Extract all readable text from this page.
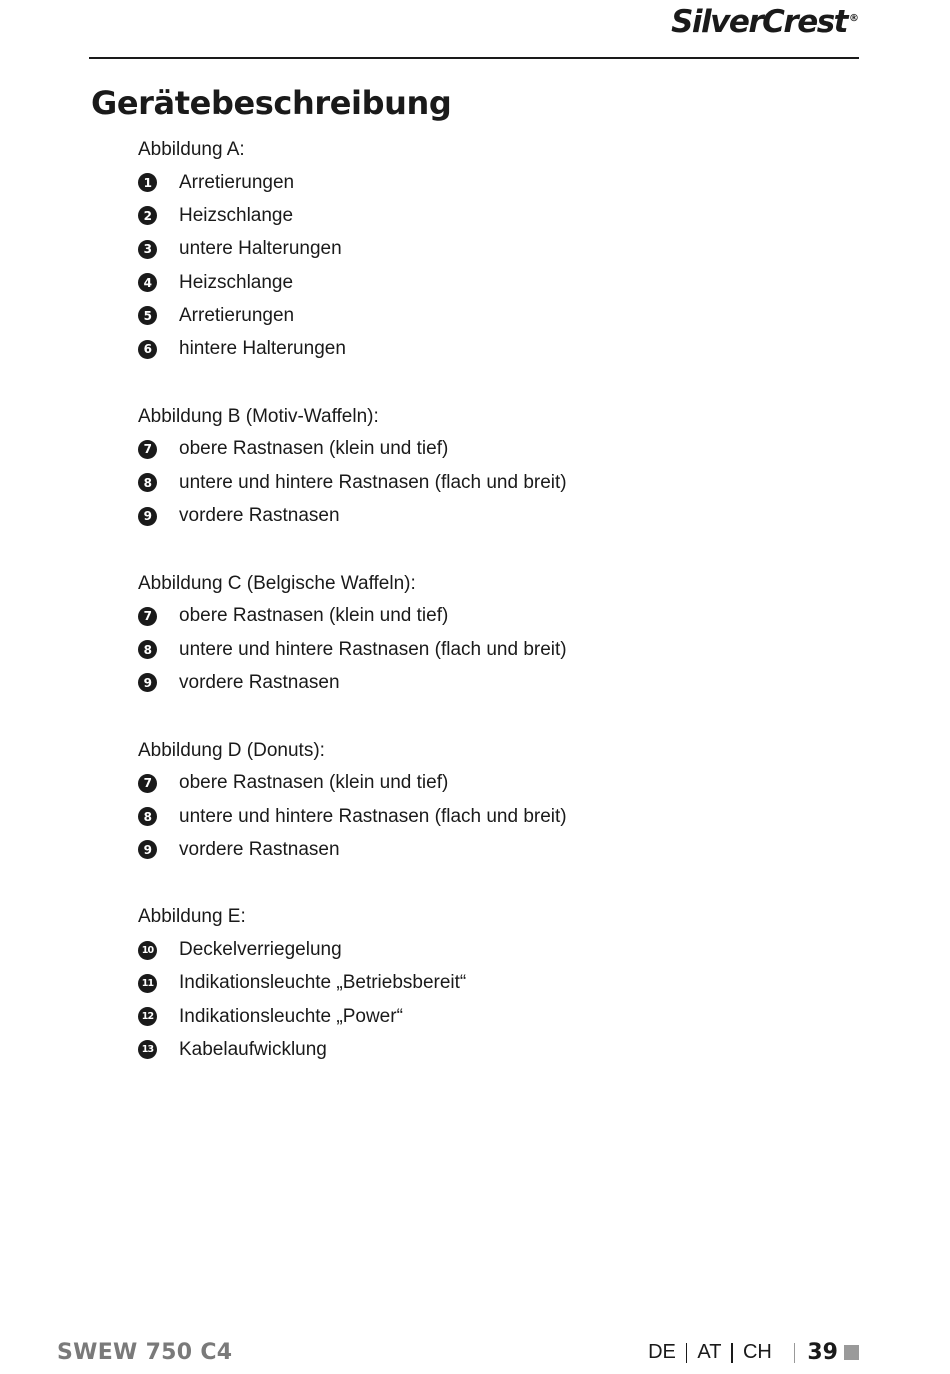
SilverCrest ®
Gerätebeschreibung
Abbildung A:
1 Arretierungen
2 Heizschlange
3 untere Halterungen
4 Heizschlange
5 Arretierungen
6 hintere Halterungen
Abbildung B (Motiv-Waffeln):
7 obere Rastnasen (klein und tief)
8 untere und hintere Rastnasen (flach und breit)
9 vordere Rastnasen
Abbildung C (Belgische Waffeln):
7 obere Rastnasen (klein und tief)
8 untere und hintere Rastnasen (flach und breit)
9 vordere Rastnasen
Abbildung D (Donuts):
7 obere Rastnasen (klein und tief)
8 untere und hintere Rastnasen (flach und breit)
9 vordere Rastnasen
Abbildung E:
10 Deckelverriegelung
11 Indikationsleuchte „Betriebsbereit“
12 Indikationsleuchte „Power“
13 Kabelaufwicklung
SWEW 750 C4	DE AT CH 39
